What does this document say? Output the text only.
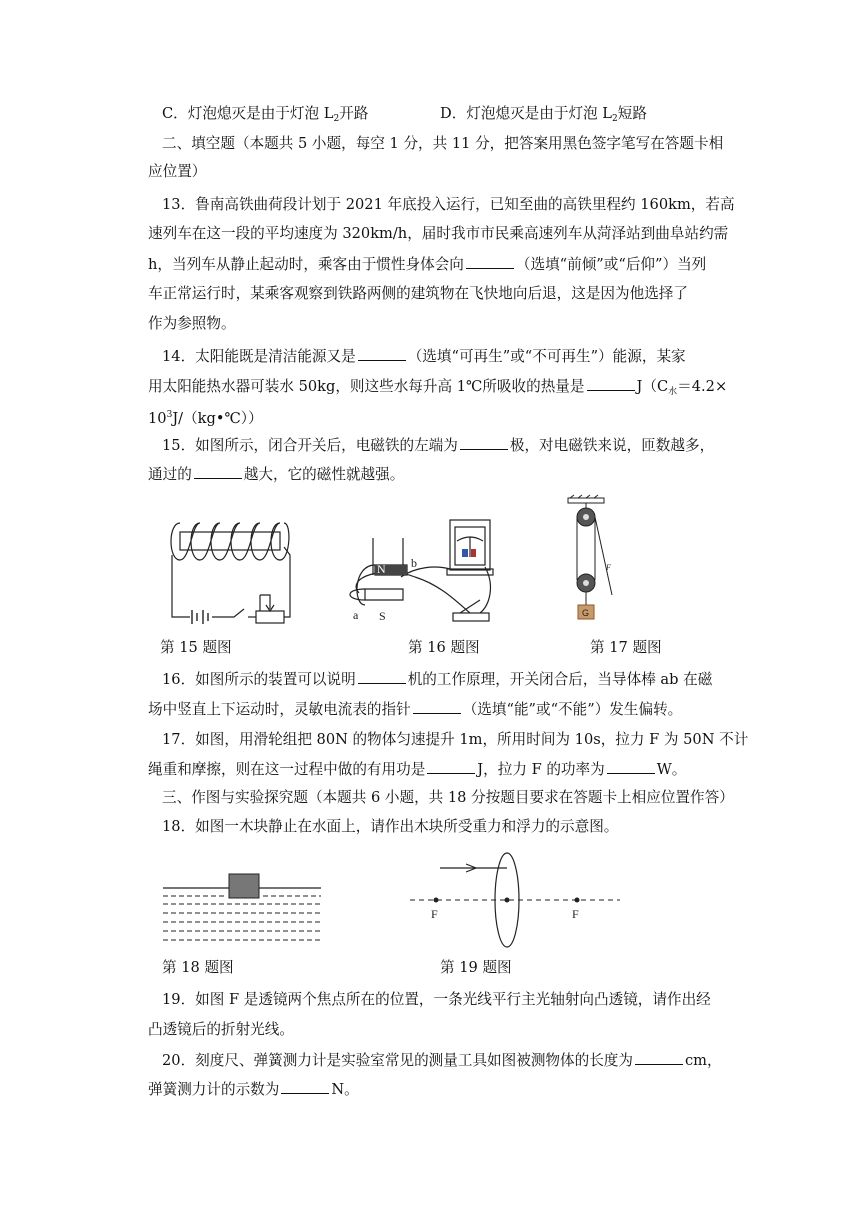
C．灯泡熄灭是由于灯泡 $L_2$开路	D．灯泡熄灭是由于灯泡 $L_2$短路
二、填空题（本题共 5 小题，每空 1 分，共 11 分，把答案用黑色签字笔写在答题卡相
应位置）
13．鲁南高铁曲荷段计划于 2021 年底投入运行，已知至曲的高铁里程约 160km，若高
速列车在这一段的平均速度为 320km/h，届时我市市民乘高速列车从菏泽站到曲阜站约需
h，当列车从静止起动时，乘客由于惯性身体会向	（选填“前倾”或“后仰”）当列
车正常运行时，某乘客观察到铁路两侧的建筑物在飞快地向后退，这是因为他选择了
作为参照物。
14．太阳能既是清洁能源又是	（选填“可再生”或“不可再生”）能源，某家
用太阳能热水器可装水 50kg，则这些水每升高 1℃所吸收的热量是	$J(C_水=4.2\times$
$10^3J/(kg•℃)$）
15．如图所示，闭合开关后，电磁铁的左端为	极，对电磁铁来说，匝数越多，
通过的	越大，它的磁性就越强。
第 15 题图
N
S
a
b
第 16 题图
G
F
第 17 题图
16．如图所示的装置可以说明	机的工作原理，开关闭合后，当导体棒 ab 在磁
场中竖直上下运动时，灵敏电流表的指针	（选填“能”或“不能”）发生偏转。
17．如图，用滑轮组把 80N 的物体匀速提升 1m，所用时间为 10s，拉力 F 为 50N 不计
绳重和摩擦，则在这一过程中做的有用功是	J，拉力 F 的功率为	W。
三、作图与实验探究题（本题共 6 小题，共 18 分按题目要求在答题卡上相应位置作答）
18．如图一木块静止在水面上，请作出木块所受重力和浮力的示意图。
第 18 题图
F	F
第 19 题图
19．如图 F 是透镜两个焦点所在的位置，一条光线平行主光轴射向凸透镜，请作出经
凸透镜后的折射光线。
20．刻度尺、弹簧测力计是实验室常见的测量工具如图被测物体的长度为	cm，
弹簧测力计的示数为	N。
